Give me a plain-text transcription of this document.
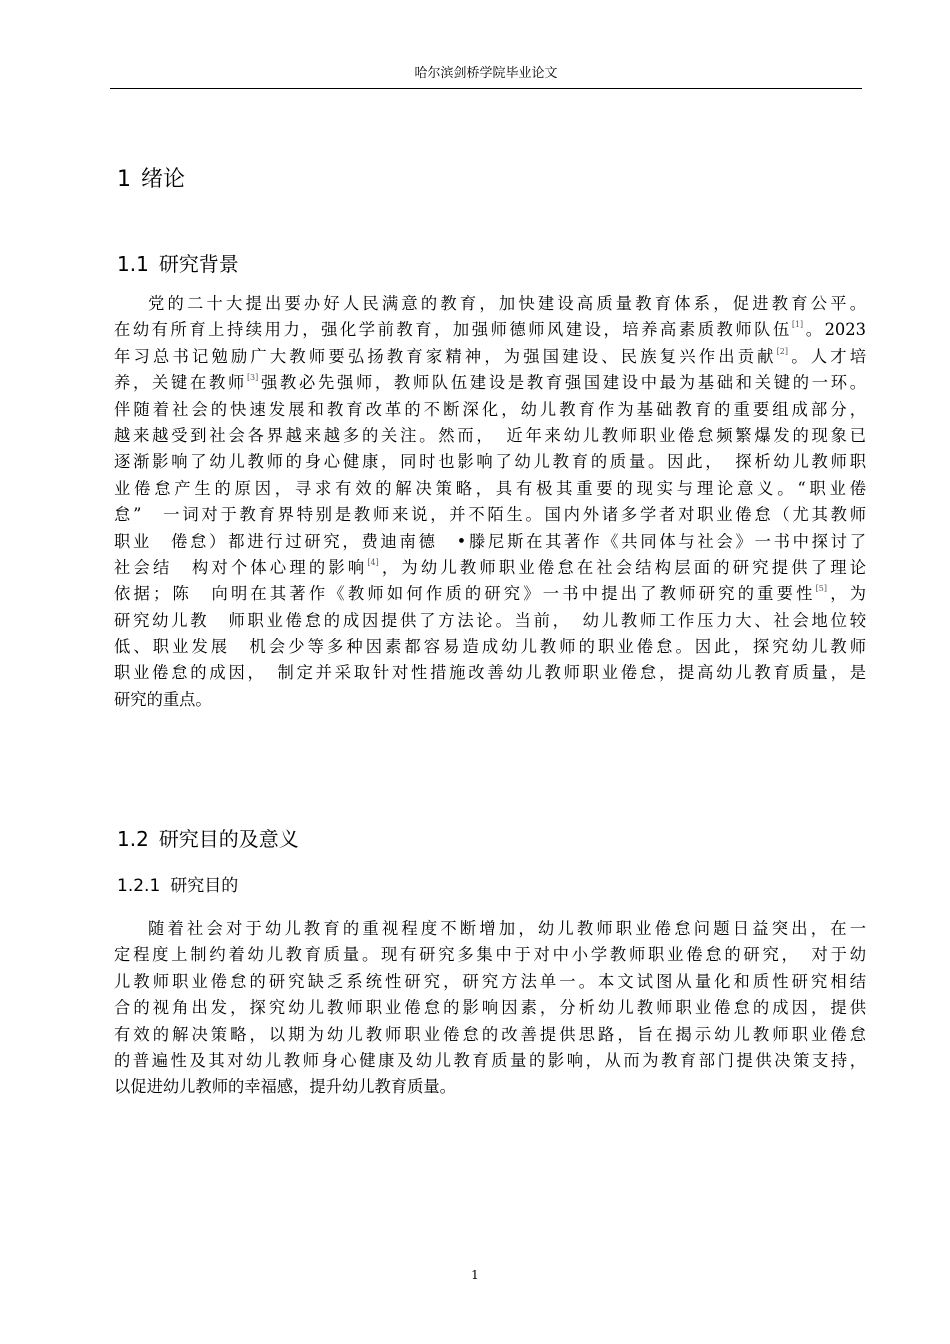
哈尔滨剑桥学院毕业论文
1 绪论
1.1 研究背景
党的二十大提出要办好人民满意的教育，加快建设高质量教育体系，促进教育公平。
在幼有所育上持续用力，强化学前教育，加强师德师风建设，培养高素质教师队伍[1]。2023
年习总书记勉励广大教师要弘扬教育家精神，为强国建设、民族复兴作出贡献[2]。人才培
养，关键在教师[3]强教必先强师，教师队伍建设是教育强国建设中最为基础和关键的一环。
伴随着社会的快速发展和教育改革的不断深化，幼儿教育作为基础教育的重要组成部分，
越来越受到社会各界越来越多的关注。然而，　近年来幼儿教师职业倦怠频繁爆发的现象已
逐渐影响了幼儿教师的身心健康，同时也影响了幼儿教育的质量。因此，　探析幼儿教师职
业倦怠产生的原因，寻求有效的解决策略，具有极其重要的现实与理论意义。“职业倦
怠”　一词对于教育界特别是教师来说，并不陌生。国内外诸多学者对职业倦怠（尤其教师
职业　倦怠）都进行过研究，费迪南德　•滕尼斯在其著作《共同体与社会》一书中探讨了
社会结　构对个体心理的影响[4]，为幼儿教师职业倦怠在社会结构层面的研究提供了理论
依据；陈　向明在其著作《教师如何作质的研究》一书中提出了教师研究的重要性[5]，为
研究幼儿教　师职业倦怠的成因提供了方法论。当前，　幼儿教师工作压力大、社会地位较
低、职业发展　机会少等多种因素都容易造成幼儿教师的职业倦怠。因此，探究幼儿教师
职业倦怠的成因，　制定并采取针对性措施改善幼儿教师职业倦怠，提高幼儿教育质量，是
研究的重点。
1.2 研究目的及意义
1.2.1 研究目的
随着社会对于幼儿教育的重视程度不断增加，幼儿教师职业倦怠问题日益突出，在一
定程度上制约着幼儿教育质量。现有研究多集中于对中小学教师职业倦怠的研究，　对于幼
儿教师职业倦怠的研究缺乏系统性研究，研究方法单一。本文试图从量化和质性研究相结
合的视角出发，探究幼儿教师职业倦怠的影响因素，分析幼儿教师职业倦怠的成因，提供
有效的解决策略，以期为幼儿教师职业倦怠的改善提供思路，旨在揭示幼儿教师职业倦怠
的普遍性及其对幼儿教师身心健康及幼儿教育质量的影响，从而为教育部门提供决策支持，
以促进幼儿教师的幸福感，提升幼儿教育质量。
1
